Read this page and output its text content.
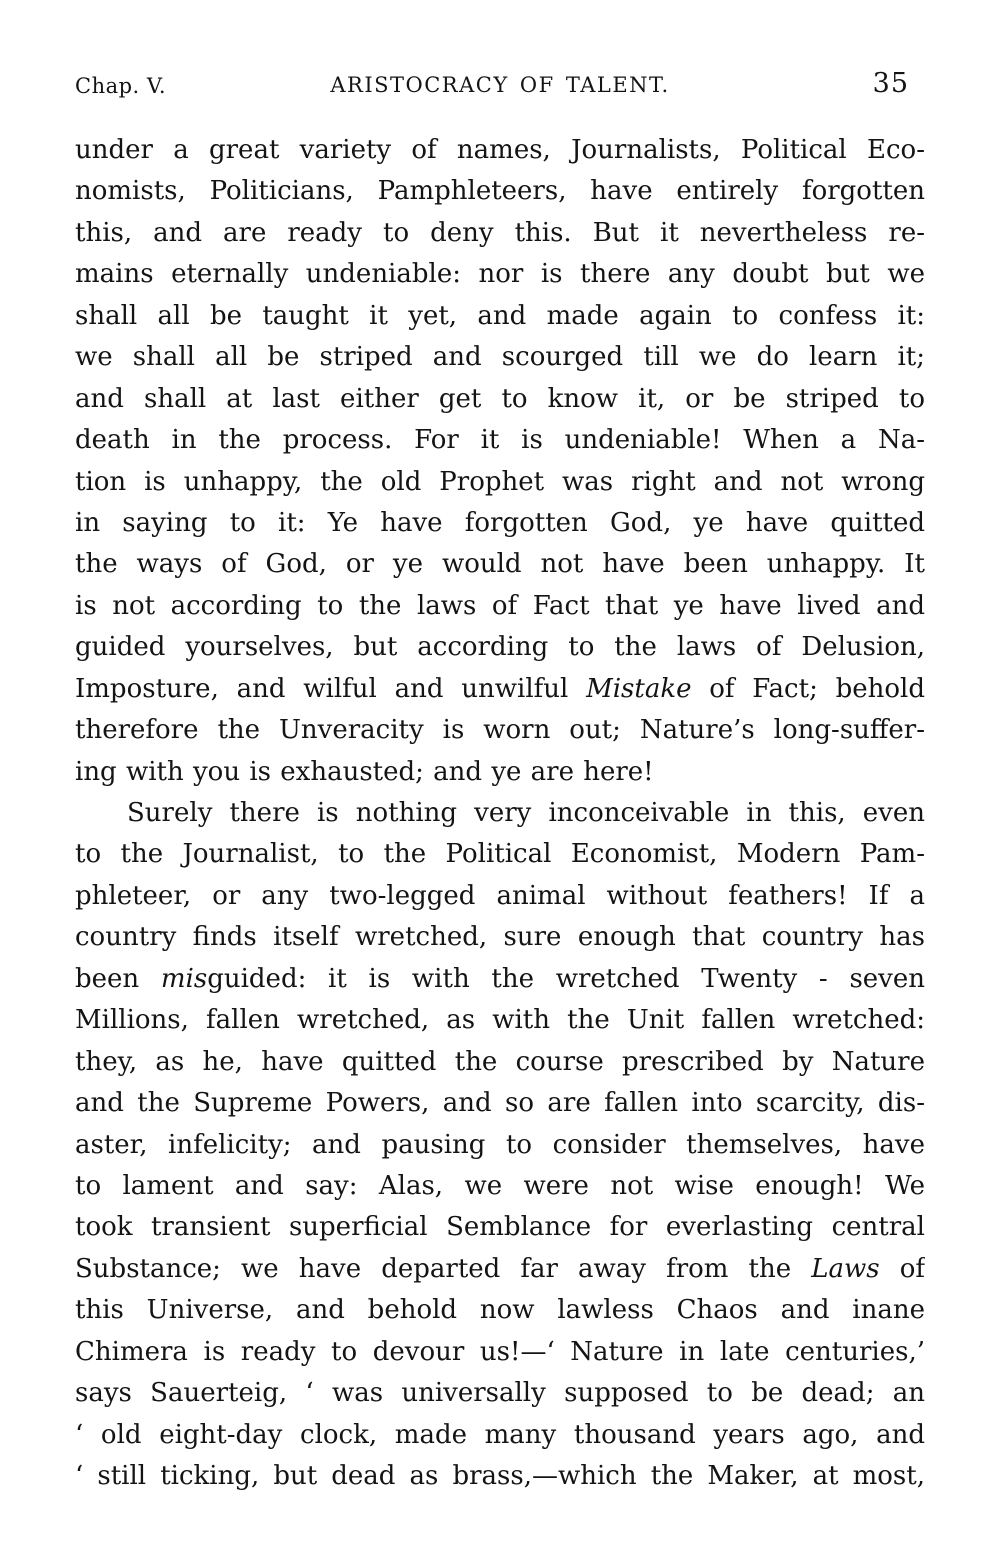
Chap. V.	ARISTOCRACY OF TALENT.	35
under a great variety of names, Journalists, Political Eco-
nomists, Politicians, Pamphleteers, have entirely forgotten
this, and are ready to deny this. But it nevertheless re-
mains eternally undeniable: nor is there any doubt but we
shall all be taught it yet, and made again to confess it:
we shall all be striped and scourged till we do learn it;
and shall at last either get to know it, or be striped to
death in the process. For it is undeniable! When a Na-
tion is unhappy, the old Prophet was right and not wrong
in saying to it: Ye have forgotten God, ye have quitted
the ways of God, or ye would not have been unhappy. It
is not according to the laws of Fact that ye have lived and
guided yourselves, but according to the laws of Delusion,
Imposture, and wilful and unwilful Mistake of Fact; behold
therefore the Unveracity is worn out; Nature’s long-suffer-
ing with you is exhausted; and ye are here!
Surely there is nothing very inconceivable in this, even
to the Journalist, to the Political Economist, Modern Pam-
phleteer, or any two-legged animal without feathers! If a
country finds itself wretched, sure enough that country has
been misguided: it is with the wretched Twenty - seven
Millions, fallen wretched, as with the Unit fallen wretched:
they, as he, have quitted the course prescribed by Nature
and the Supreme Powers, and so are fallen into scarcity, dis-
aster, infelicity; and pausing to consider themselves, have
to lament and say: Alas, we were not wise enough! We
took transient superficial Semblance for everlasting central
Substance; we have departed far away from the Laws of
this Universe, and behold now lawless Chaos and inane
Chimera is ready to devour us!—‘ Nature in late centuries,’
says Sauerteig, ‘ was universally supposed to be dead; an
‘ old eight-day clock, made many thousand years ago, and
‘ still ticking, but dead as brass,—which the Maker, at most,
